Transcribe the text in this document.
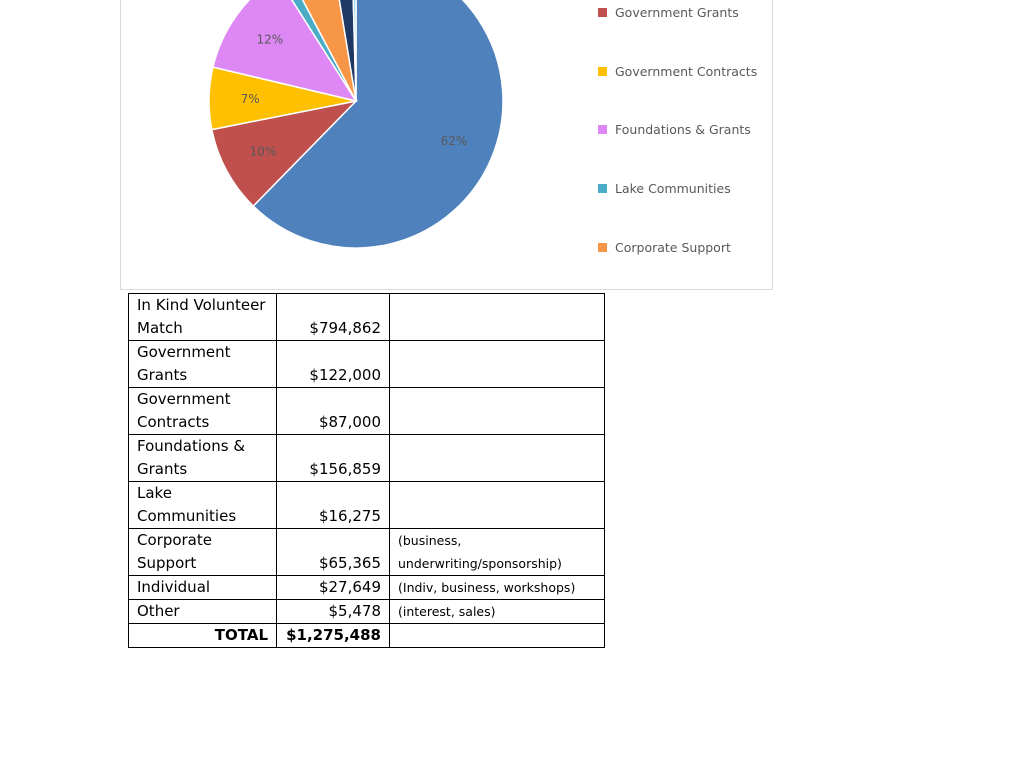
62%
10%
7%
12%
Government Grants
Government Contracts
Foundations & Grants
Lake Communities
Corporate Support
In Kind Volunteer Match	$794,862	
Government Grants	$122,000	
Government Contracts	$87,000	
Foundations & Grants	$156,859	
Lake Communities	$16,275	
Corporate Support	$65,365	(business, underwriting/sponsorship)
Individual	$27,649	(Indiv, business, workshops)
Other	$5,478	(interest, sales)
TOTAL	$1,275,488	
